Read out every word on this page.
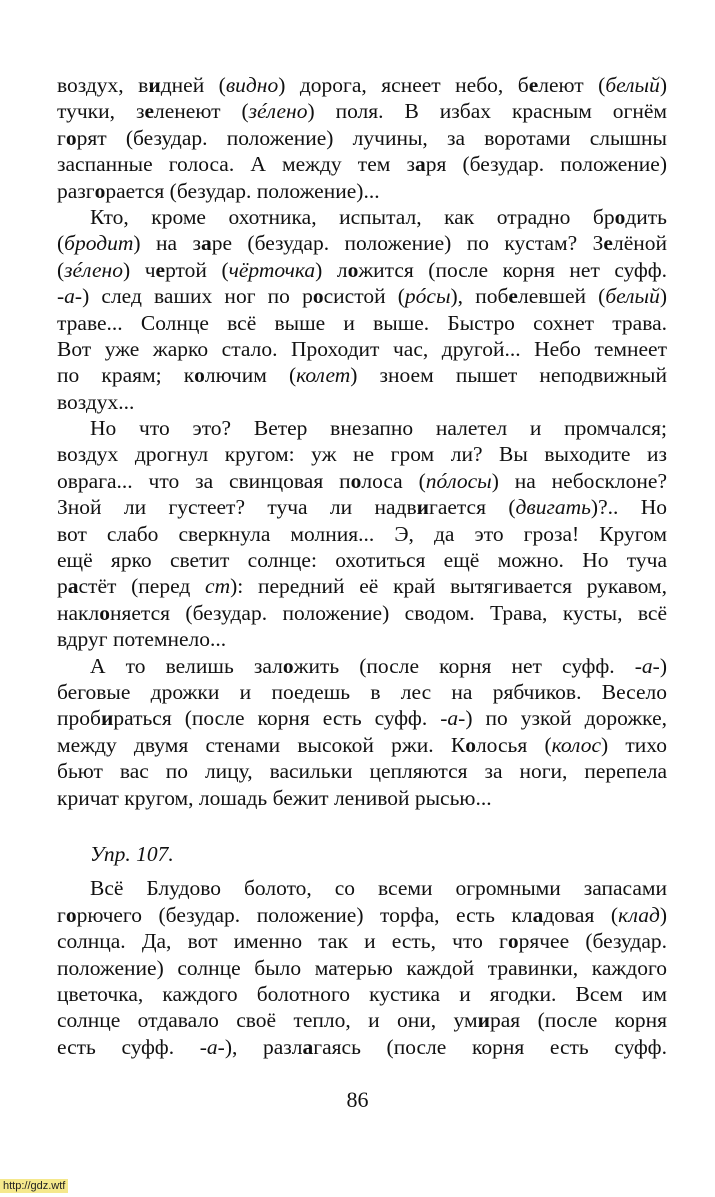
воздух, видней (видно) дорога, яснеет небо, белеют (белый)
тучки, зеленеют (зéлено) поля. В избах красным огнём
горят (безудар. положение) лучины, за воротами слышны
заспанные голоса. А между тем заря (безудар. положение)
разгорается (безудар. положение)...
Кто, кроме охотника, испытал, как отрадно бродить
(бродит) на заре (безудар. положение) по кустам? Зелёной
(зéлено) чертой (чёрточка) ложится (после корня нет суфф.
-а-) след ваших ног по росистой (рóсы), побелевшей (белый)
траве... Солнце всё выше и выше. Быстро сохнет трава.
Вот уже жарко стало. Проходит час, другой... Небо темнеет
по краям; колючим (колет) зноем пышет неподвижный
воздух...
Но что это? Ветер внезапно налетел и промчался;
воздух дрогнул кругом: уж не гром ли? Вы выходите из
оврага... что за свинцовая полоса (пóлосы) на небосклоне?
Зной ли густеет? туча ли надвигается (двигать)?.. Но
вот слабо сверкнула молния... Э, да это гроза! Кругом
ещё ярко светит солнце: охотиться ещё можно. Но туча
растёт (перед ст): передний её край вытягивается рукавом,
наклоняется (безудар. положение) сводом. Трава, кусты, всё
вдруг потемнело...
А то велишь заложить (после корня нет суфф. -а-)
беговые дрожки и поедешь в лес на рябчиков. Весело
пробираться (после корня есть суфф. -а-) по узкой дорожке,
между двумя стенами высокой ржи. Колосья (колос) тихо
бьют вас по лицу, васильки цепляются за ноги, перепела
кричат кругом, лошадь бежит ленивой рысью...
Упр. 107.
Всё Блудово болото, со всеми огромными запасами
горючего (безудар. положение) торфа, есть кладовая (клад)
солнца. Да, вот именно так и есть, что горячее (безудар.
положение) солнце было матерью каждой травинки, каждого
цветочка, каждого болотного кустика и ягодки. Всем им
солнце отдавало своё тепло, и они, умирая (после корня
есть суфф. -а-), разлагаясь (после корня есть суфф.
86
http://gdz.wtf
